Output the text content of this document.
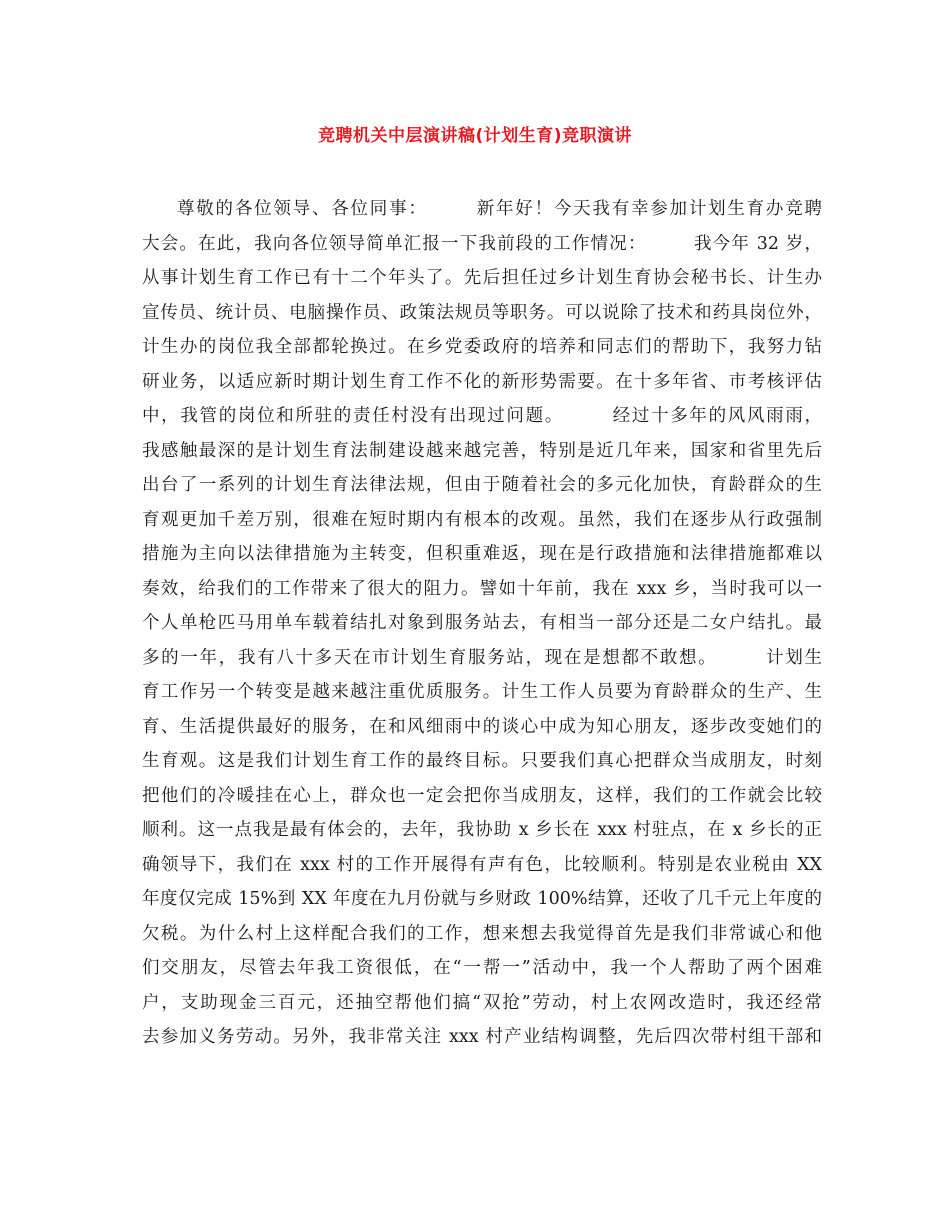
竞聘机关中层演讲稿(计划生育)竞职演讲
尊敬的各位领导、各位同事：　　　新年好！今天我有幸参加计划生育办竞聘
大会。在此，我向各位领导简单汇报一下我前段的工作情况：　　　我今年 32 岁，
从事计划生育工作已有十二个年头了。先后担任过乡计划生育协会秘书长、计生办
宣传员、统计员、电脑操作员、政策法规员等职务。可以说除了技术和药具岗位外，
计生办的岗位我全部都轮换过。在乡党委政府的培养和同志们的帮助下，我努力钻
研业务，以适应新时期计划生育工作不化的新形势需要。在十多年省、市考核评估
中，我管的岗位和所驻的责任村没有出现过问题。　　　经过十多年的风风雨雨，
我感触最深的是计划生育法制建设越来越完善，特别是近几年来，国家和省里先后
出台了一系列的计划生育法律法规，但由于随着社会的多元化加快，育龄群众的生
育观更加千差万别，很难在短时期内有根本的改观。虽然，我们在逐步从行政强制
措施为主向以法律措施为主转变，但积重难返，现在是行政措施和法律措施都难以
奏效，给我们的工作带来了很大的阻力。譬如十年前，我在 xxx 乡，当时我可以一
个人单枪匹马用单车载着结扎对象到服务站去，有相当一部分还是二女户结扎。最
多的一年，我有八十多天在市计划生育服务站，现在是想都不敢想。　　　计划生
育工作另一个转变是越来越注重优质服务。计生工作人员要为育龄群众的生产、生
育、生活提供最好的服务，在和风细雨中的谈心中成为知心朋友，逐步改变她们的
生育观。这是我们计划生育工作的最终目标。只要我们真心把群众当成朋友，时刻
把他们的冷暖挂在心上，群众也一定会把你当成朋友，这样，我们的工作就会比较
顺利。这一点我是最有体会的，去年，我协助 x 乡长在 xxx 村驻点，在 x 乡长的正
确领导下，我们在 xxx 村的工作开展得有声有色，比较顺利。特别是农业税由 XX
年度仅完成 15%到 XX 年度在九月份就与乡财政 100%结算，还收了几千元上年度的
欠税。为什么村上这样配合我们的工作，想来想去我觉得首先是我们非常诚心和他
们交朋友，尽管去年我工资很低，在“一帮一”活动中，我一个人帮助了两个困难
户，支助现金三百元，还抽空帮他们搞“双抢”劳动，村上农网改造时，我还经常
去参加义务劳动。另外，我非常关注 xxx 村产业结构调整，先后四次带村组干部和
